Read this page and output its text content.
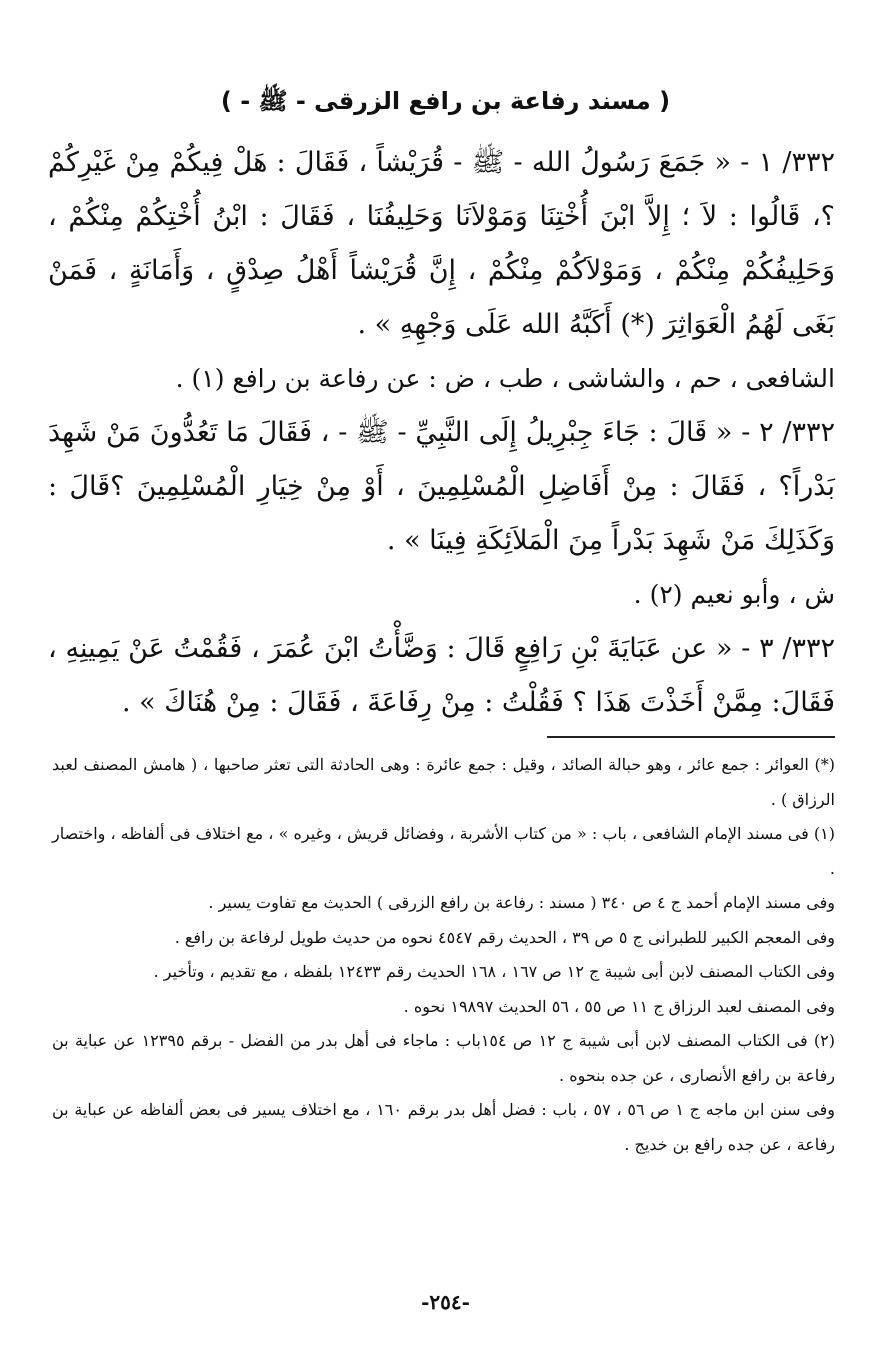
( مسند رفاعة بن رافع الزرقى - ﷺ - )

٣٣٢/ ١ - « جَمَعَ رَسُولُ الله - ﷺ - قُرَيْشاً ، فَقَالَ : هَلْ فِيكُمْ مِنْ غَيْرِكُمْ ؟، قَالُوا : لاَ ؛ إِلاَّ ابْنَ أُخْتِنَا وَمَوْلاَنَا وَحَلِيفُنَا ، فَقَالَ : ابْنُ أُخْتِكُمْ مِنْكُمْ ، وَحَلِيفُكُمْ مِنْكُمْ ، وَمَوْلاَكُمْ مِنْكُمْ ، إِنَّ قُرَيْشاً أَهْلُ صِدْقٍ ، وَأَمَانَةٍ ، فَمَنْ بَغَى لَهُمُ الْعَوَاثِرَ (*) أَكَبَّهُ الله عَلَى وَجْهِهِ » .

الشافعى ، حم ، والشاشى ، طب ، ض : عن رفاعة بن رافع (١) .

٣٣٢/ ٢ - « قَالَ : جَاءَ جِبْرِيلُ إِلَى النَّبِيِّ - ﷺ - ، فَقَالَ مَا تَعُدُّونَ مَنْ شَهِدَ بَدْراً؟ ، فَقَالَ : مِنْ أَفَاضِلِ الْمُسْلِمِينَ ، أَوْ مِنْ خِيَارِ الْمُسْلِمِينَ ؟قَالَ : وَكَذَلِكَ مَنْ شَهِدَ بَدْراً مِنَ الْمَلاَئِكَةِ فِينَا » .

ش ، وأبو نعيم (٢) .

٣٣٢/ ٣ - « عن عَبَايَةَ بْنِ رَافِعٍ قَالَ : وَضَّأْتُ ابْنَ عُمَرَ ، فَقُمْتُ عَنْ يَمِينِهِ ، فَقَالَ: مِمَّنْ أَخَذْتَ هَذَا ؟ فَقُلْتُ : مِنْ رِفَاعَةَ ، فَقَالَ : مِنْ هُنَاكَ » .

(*) العوائر : جمع عائر ، وهو حبالة الصائد ، وقيل : جمع عائرة : وهى الحادثة التى تعثر صاحبها ، ( هامش المصنف لعبد الرزاق ) .

(١) فى مسند الإمام الشافعى ، باب : « من كتاب الأشربة ، وفضائل قريش ، وغيره » ، مع اختلاف فى ألفاظه ، واختصار .

وفى مسند الإمام أحمد ج ٤ ص ٣٤٠ ( مسند : رفاعة بن رافع الزرقى ) الحديث مع تفاوت يسير .

وفى المعجم الكبير للطبرانى ج ٥ ص ٣٩ ، الحديث رقم ٤٥٤٧ نحوه من حديث طويل لرفاعة بن رافع .

وفى الكتاب المصنف لابن أبى شيبة ج ١٢ ص ١٦٧ ، ١٦٨ الحديث رقم ١٢٤٣٣ بلفظه ، مع تقديم ، وتأخير .

وفى المصنف لعبد الرزاق ج ١١ ص ٥٥ ، ٥٦ الحديث ١٩٨٩٧ نحوه .

(٢) فى الكتاب المصنف لابن أبى شيبة ج ١٢ ص ١٥٤باب : ماجاء فى أهل بدر من الفضل - برقم ١٢٣٩٥ عن عباية بن رفاعة بن رافع الأنصارى ، عن جده بنحوه .

وفى سنن ابن ماجه ج ١ ص ٥٦ ، ٥٧ ، باب : فضل أهل بدر برقم ١٦٠ ، مع اختلاف يسير فى بعض ألفاظه عن عباية بن رفاعة ، عن جده رافع بن خديج .

-٢٥٤-
